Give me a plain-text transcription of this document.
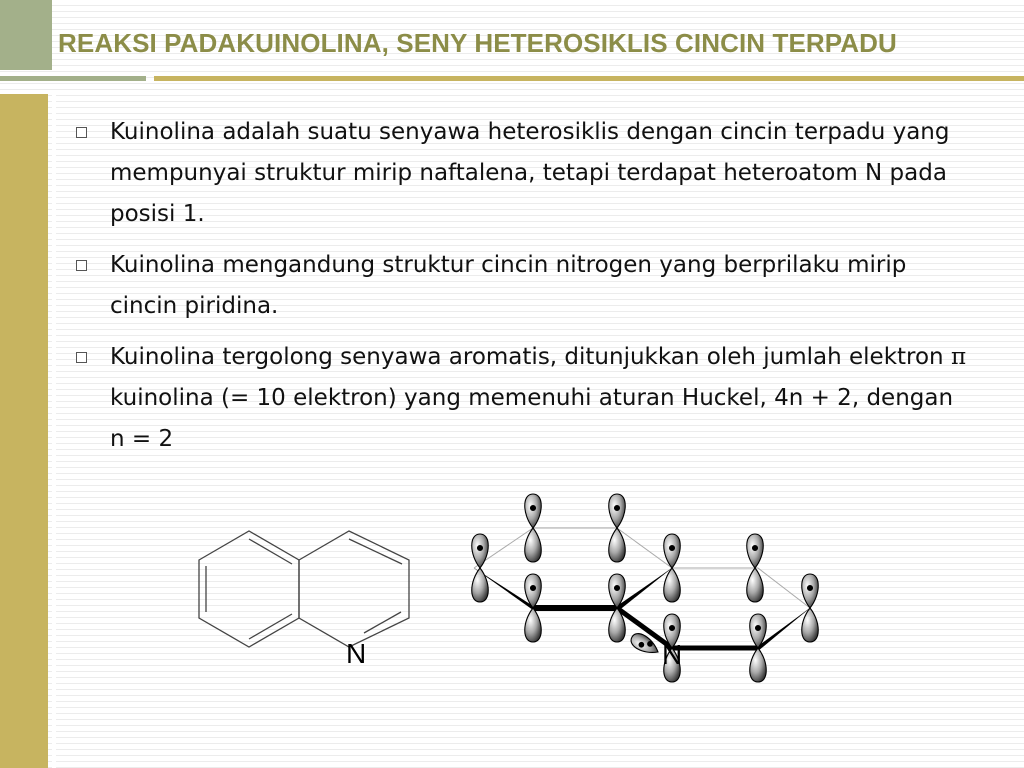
REAKSI PADAKUINOLINA, SENY HETEROSIKLIS CINCIN TERPADU
Kuinolina adalah suatu senyawa heterosiklis dengan cincin terpadu yang mempunyai struktur mirip naftalena, tetapi terdapat heteroatom N pada posisi 1.
Kuinolina mengandung struktur cincin nitrogen yang berprilaku mirip cincin piridina.
Kuinolina tergolong senyawa aromatis, ditunjukkan oleh jumlah elektron π kuinolina (= 10 elektron) yang memenuhi aturan Huckel, 4n + 2, dengan n = 2
N	N
